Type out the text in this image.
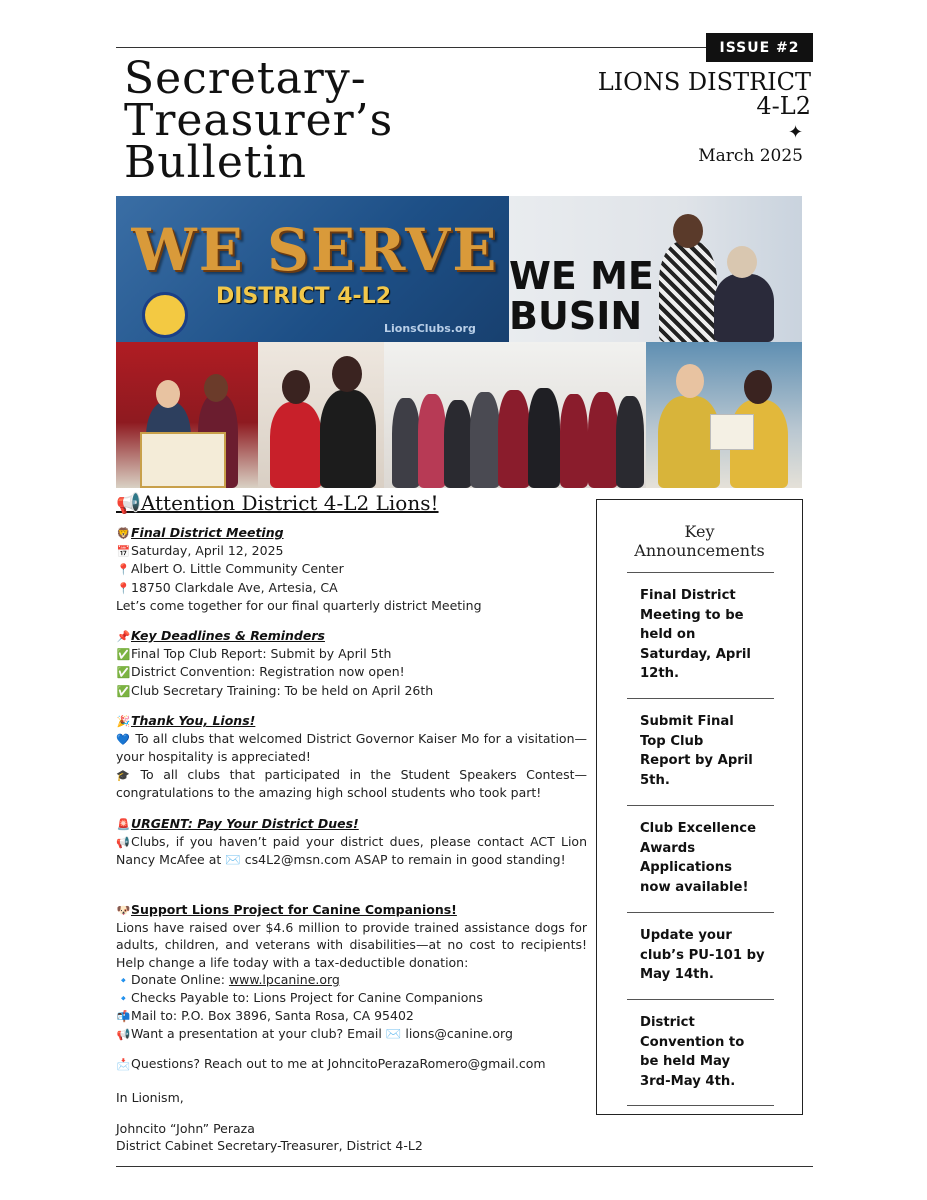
ISSUE #2
Secretary-
Treasurer’s
Bulletin
LIONS DISTRICT
4-L2
✦
March 2025
WE SERVE
DISTRICT 4-L2
LionsClubs.org
WE ME
BUSIN
📢Attention District 4-L2 Lions!
🦁Final District Meeting
📅Saturday, April 12, 2025
📍Albert O. Little Community Center
📍18750 Clarkdale Ave, Artesia, CA
Let’s come together for our final quarterly district Meeting
📌Key Deadlines & Reminders
✅Final Top Club Report: Submit by April 5th
✅District Convention: Registration now open!
✅Club Secretary Training: To be held on April 26th
🎉Thank You, Lions!
💙 To all clubs that welcomed District Governor Kaiser Mo for a visitation—your hospitality is appreciated!
🎓 To all clubs that participated in the Student Speakers Contest—congratulations to the amazing high school students who took part!
🚨URGENT: Pay Your District Dues!
📢Clubs, if you haven’t paid your district dues, please contact ACT Lion Nancy McAfee at ✉️ cs4L2@msn.com ASAP to remain in good standing!
🐶Support Lions Project for Canine Companions!
Lions have raised over $4.6 million to provide trained assistance dogs for adults, children, and veterans with disabilities—at no cost to recipients! Help change a life today with a tax-deductible donation:
🔹Donate Online: www.lpcanine.org
🔹Checks Payable to: Lions Project for Canine Companions
📬Mail to: P.O. Box 3896, Santa Rosa, CA 95402
📢Want a presentation at your club? Email ✉️ lions@canine.org
📩Questions? Reach out to me at JohncitoPerazaRomero@gmail.com
In Lionism,
Johncito “John” Peraza
District Cabinet Secretary-Treasurer, District 4-L2
Key
Announcements
Final District
Meeting to be
held on
Saturday, April
12th.
Submit Final
Top Club
Report by April
5th.
Club Excellence
Awards
Applications
now available!
Update your
club’s PU-101 by
May 14th.
District
Convention to
be held May
3rd-May 4th.
